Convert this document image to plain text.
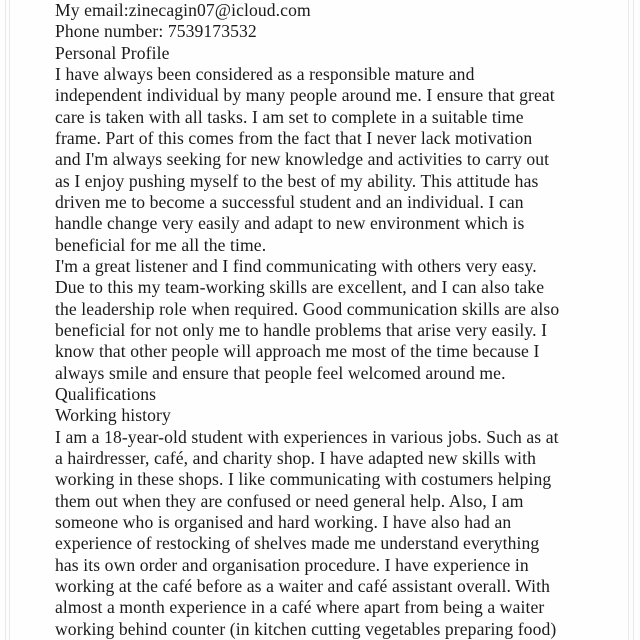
My email:zinecagin07@icloud.com
Phone number: 7539173532
Personal Profile
I have always been considered as a responsible mature and
independent individual by many people around me. I ensure that great
care is taken with all tasks. I am set to complete in a suitable time
frame. Part of this comes from the fact that I never lack motivation
and I'm always seeking for new knowledge and activities to carry out
as I enjoy pushing myself to the best of my ability. This attitude has
driven me to become a successful student and an individual. I can
handle change very easily and adapt to new environment which is
beneficial for me all the time.
I'm a great listener and I find communicating with others very easy.
Due to this my team-working skills are excellent, and I can also take
the leadership role when required. Good communication skills are also
beneficial for not only me to handle problems that arise very easily. I
know that other people will approach me most of the time because I
always smile and ensure that people feel welcomed around me.
Qualifications
Working history
I am a 18-year-old student with experiences in various jobs. Such as at
a hairdresser, café, and charity shop. I have adapted new skills with
working in these shops. I like communicating with costumers helping
them out when they are confused or need general help. Also, I am
someone who is organised and hard working. I have also had an
experience of restocking of shelves made me understand everything
has its own order and organisation procedure. I have experience in
working at the café before as a waiter and café assistant overall. With
almost a month experience in a café where apart from being a waiter
working behind counter (in kitchen cutting vegetables preparing food)
